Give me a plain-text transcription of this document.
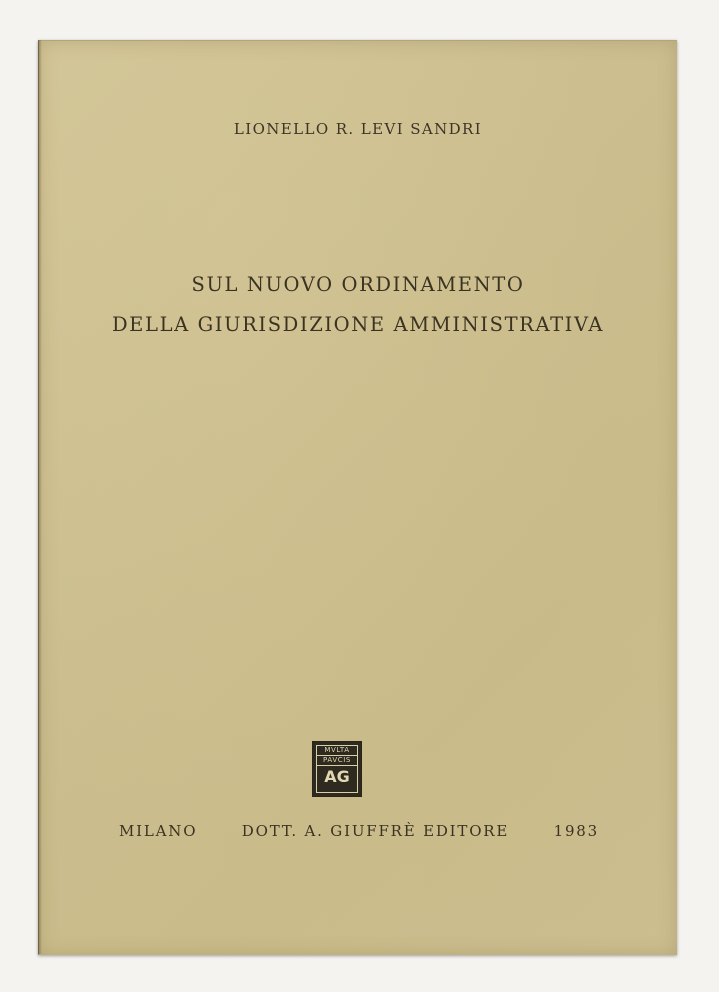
LIONELLO R. LEVI SANDRI

SUL NUOVO ORDINAMENTO
DELLA GIURISDIZIONE AMMINISTRATIVA
MVLTA
PAVCIS
AG
MILANO	DOTT. A. GIUFFRÈ EDITORE	1983
